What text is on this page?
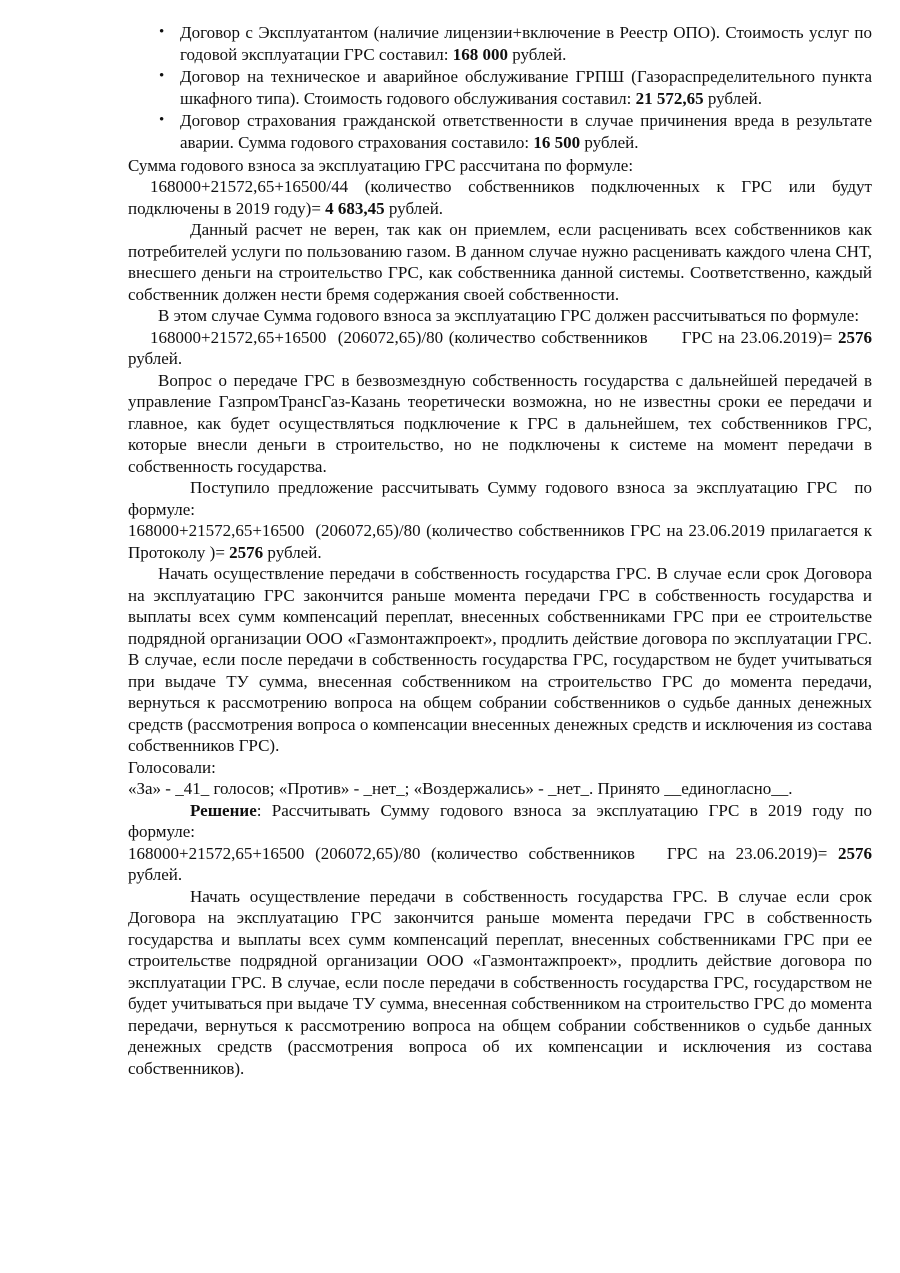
• Договор с Эксплуатантом (наличие лицензии+включение в Реестр ОПО). Стоимость услуг по годовой эксплуатации ГРС составил: 168 000 рублей.
• Договор на техническое и аварийное обслуживание ГРПШ (Газораспределительного пункта шкафного типа). Стоимость годового обслуживания составил: 21 572,65 рублей.
• Договор страхования гражданской ответственности в случае причинения вреда в результате аварии. Сумма годового страхования составило: 16 500 рублей.

Сумма годового взноса за эксплуатацию ГРС рассчитана по формуле:

168000+21572,65+16500/44 (количество собственников подключенных к ГРС или будут подключены в 2019 году)= 4 683,45 рублей.

Данный расчет не верен, так как он приемлем, если расценивать всех собственников как потребителей услуги по пользованию газом. В данном случае нужно расценивать каждого члена СНТ, внесшего деньги на строительство ГРС, как собственника данной системы. Соответственно, каждый собственник должен нести бремя содержания своей собственности.

В этом случае Сумма годового взноса за эксплуатацию ГРС должен рассчитываться по формуле:

168000+21572,65+16500  (206072,65)/80 (количество собственников      ГРС на 23.06.2019)= 2576 рублей.

Вопрос о передаче ГРС в безвозмездную собственность государства с дальнейшей передачей в управление ГазпромТрансГаз-Казань теоретически возможна, но не известны сроки ее передачи и главное, как будет осуществляться подключение к ГРС в дальнейшем, тех собственников ГРС, которые внесли деньги в строительство, но не подключены к системе на момент передачи в собственность государства.

Поступило предложение рассчитывать Сумму годового взноса за эксплуатацию ГРС  по формуле:

168000+21572,65+16500  (206072,65)/80 (количество собственников ГРС на 23.06.2019 прилагается к Протоколу )= 2576 рублей.

Начать осуществление передачи в собственность государства ГРС. В случае если срок Договора на эксплуатацию ГРС закончится раньше момента передачи ГРС в собственность государства и выплаты всех сумм компенсаций переплат, внесенных собственниками ГРС при ее строительстве подрядной организации ООО «Газмонтажпроект», продлить действие договора по эксплуатации ГРС. В случае, если после передачи в собственность государства ГРС, государством не будет учитываться при выдаче ТУ сумма, внесенная собственником на строительство ГРС до момента передачи, вернуться к рассмотрению вопроса на общем собрании собственников о судьбе данных денежных средств (рассмотрения вопроса о компенсации внесенных денежных средств и исключения из состава собственников ГРС).

Голосовали:

«За» - _41_ голосов; «Против» - _нет_; «Воздержались» - _нет_. Принято __единогласно__.

Решение: Рассчитывать Сумму годового взноса за эксплуатацию ГРС в 2019 году по формуле:

168000+21572,65+16500 (206072,65)/80 (количество собственников   ГРС на 23.06.2019)= 2576 рублей.

Начать осуществление передачи в собственность государства ГРС. В случае если срок Договора на эксплуатацию ГРС закончится раньше момента передачи ГРС в собственность государства и выплаты всех сумм компенсаций переплат, внесенных собственниками ГРС при ее строительстве подрядной организации ООО «Газмонтажпроект», продлить действие договора по эксплуатации ГРС. В случае, если после передачи в собственность государства ГРС, государством не будет учитываться при выдаче ТУ сумма, внесенная собственником на строительство ГРС до момента передачи, вернуться к рассмотрению вопроса на общем собрании собственников о судьбе данных денежных средств (рассмотрения вопроса об их компенсации и исключения из состава собственников).
